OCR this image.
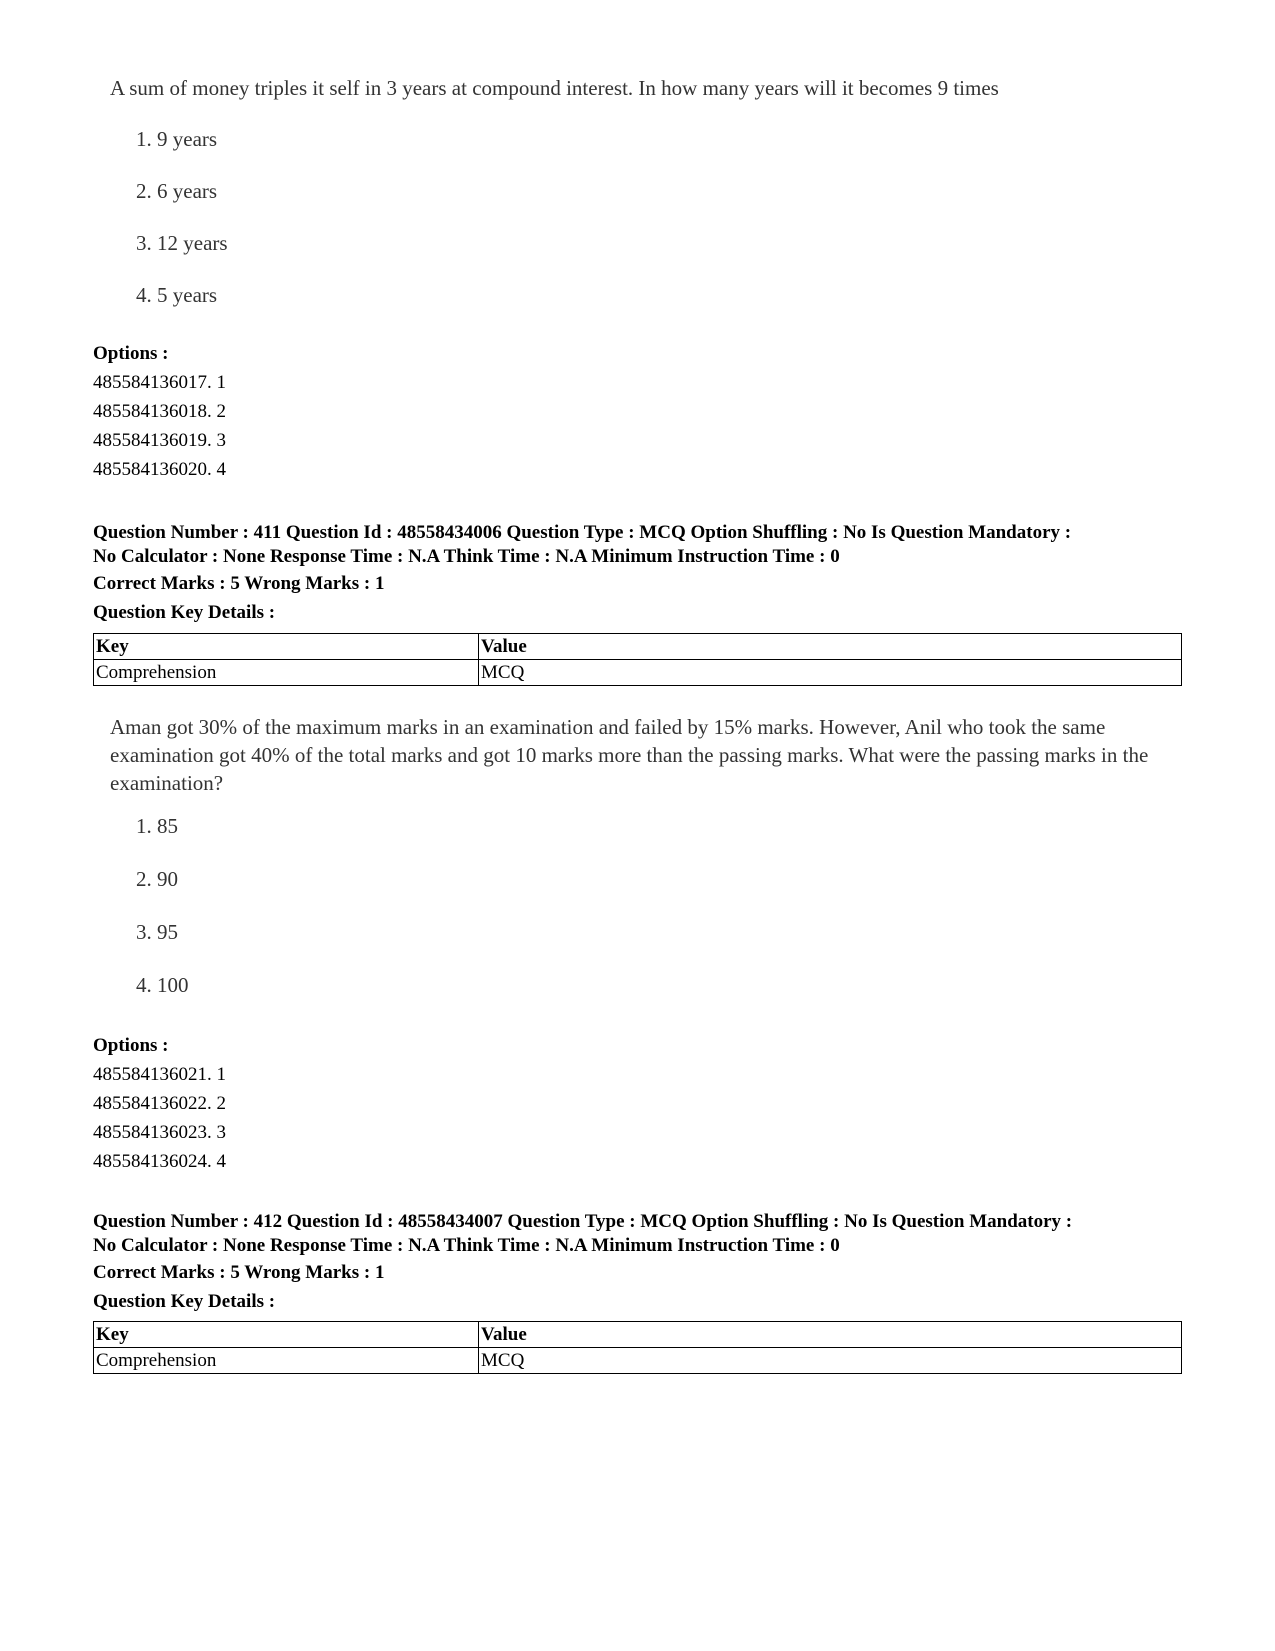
A sum of money triples it self in 3 years at compound interest. In how many years will it becomes 9 times

1. 9 years

2. 6 years

3. 12 years

4. 5 years

Options :

485584136017. 1

485584136018. 2

485584136019. 3

485584136020. 4

Question Number : 411 Question Id : 48558434006 Question Type : MCQ Option Shuffling : No Is Question Mandatory :

No Calculator : None Response Time : N.A Think Time : N.A Minimum Instruction Time : 0

Correct Marks : 5 Wrong Marks : 1

Question Key Details :

Key	Value
Comprehension	MCQ

Aman got 30% of the maximum marks in an examination and failed by 15% marks. However, Anil who took the same examination got 40% of the total marks and got 10 marks more than the passing marks. What were the passing marks in the examination?

1. 85

2. 90

3. 95

4. 100

Options :

485584136021. 1

485584136022. 2

485584136023. 3

485584136024. 4

Question Number : 412 Question Id : 48558434007 Question Type : MCQ Option Shuffling : No Is Question Mandatory :

No Calculator : None Response Time : N.A Think Time : N.A Minimum Instruction Time : 0

Correct Marks : 5 Wrong Marks : 1

Question Key Details :

Key	Value
Comprehension	MCQ
